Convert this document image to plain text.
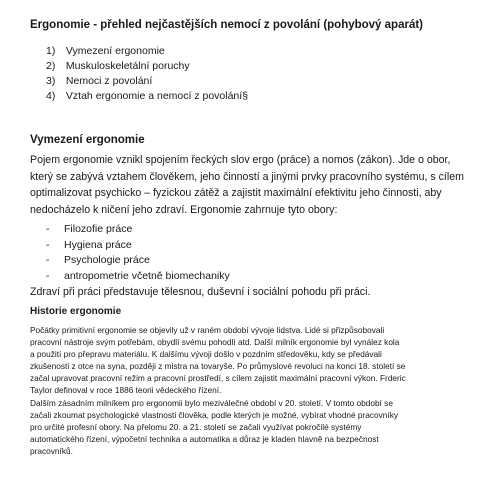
Ergonomie - přehled nejčastějších nemocí z povolání (pohybový aparát)
1) Vymezení ergonomie
2) Muskuloskeletální poruchy
3) Nemoci z povolání
4) Vztah ergonomie a nemocí z povolání§
Vymezení ergonomie
Pojem ergonomie vznikl spojením řeckých slov ergo (práce) a nomos (zákon). Jde o obor,
který se zabývá vztahem člověkem, jeho činností a jinými prvky pracovního systému, s cílem
optimalizovat psychicko – fyzickou zátěž a zajistit maximální efektivitu jeho činnosti, aby
nedocházelo k ničení jeho zdraví. Ergonomie zahrnuje tyto obory:
- Filozofie práce
- Hygiena práce
- Psychologie práce
- antropometrie včetně biomechaniky
Zdraví při práci představuje tělesnou, duševní i sociální pohodu při práci.
Historie ergonomie
Počátky primitivní ergonomie se objevily už v raném období vývoje lidstva. Lidé si přizpůsobovali
pracovní nástroje svým potřebám, obydlí svému pohodlí atd. Další milník ergonomie byl vynález kola
a použití pro přepravu materiálu. K dalšímu vývoji došlo v pozdním středověku, kdy se předávali
zkušenosti z otce na syna, později z mistra na tovaryše. Po průmyslové revoluci na konci 18. století se
začal upravovat pracovní režim a pracovní prostředí, s cílem zajistit maximální pracovní výkon. Frderic
Taylor definoval v roce 1886 teorii vědeckého řízení.
Dalším zásadním milníkem pro ergonomii bylo meziválečné období v 20. století. V tomto období se
začali zkoumat psychologické vlastnosti člověka, podle kterých je možné, vybírat vhodné pracovníky
pro určité profesní obory. Na přelomu 20. a 21. století se začali využívat pokročilé systémy
automatického řízení, výpočetní technika a automatika a důraz je kladen hlavně na bezpečnost
pracovníků.
